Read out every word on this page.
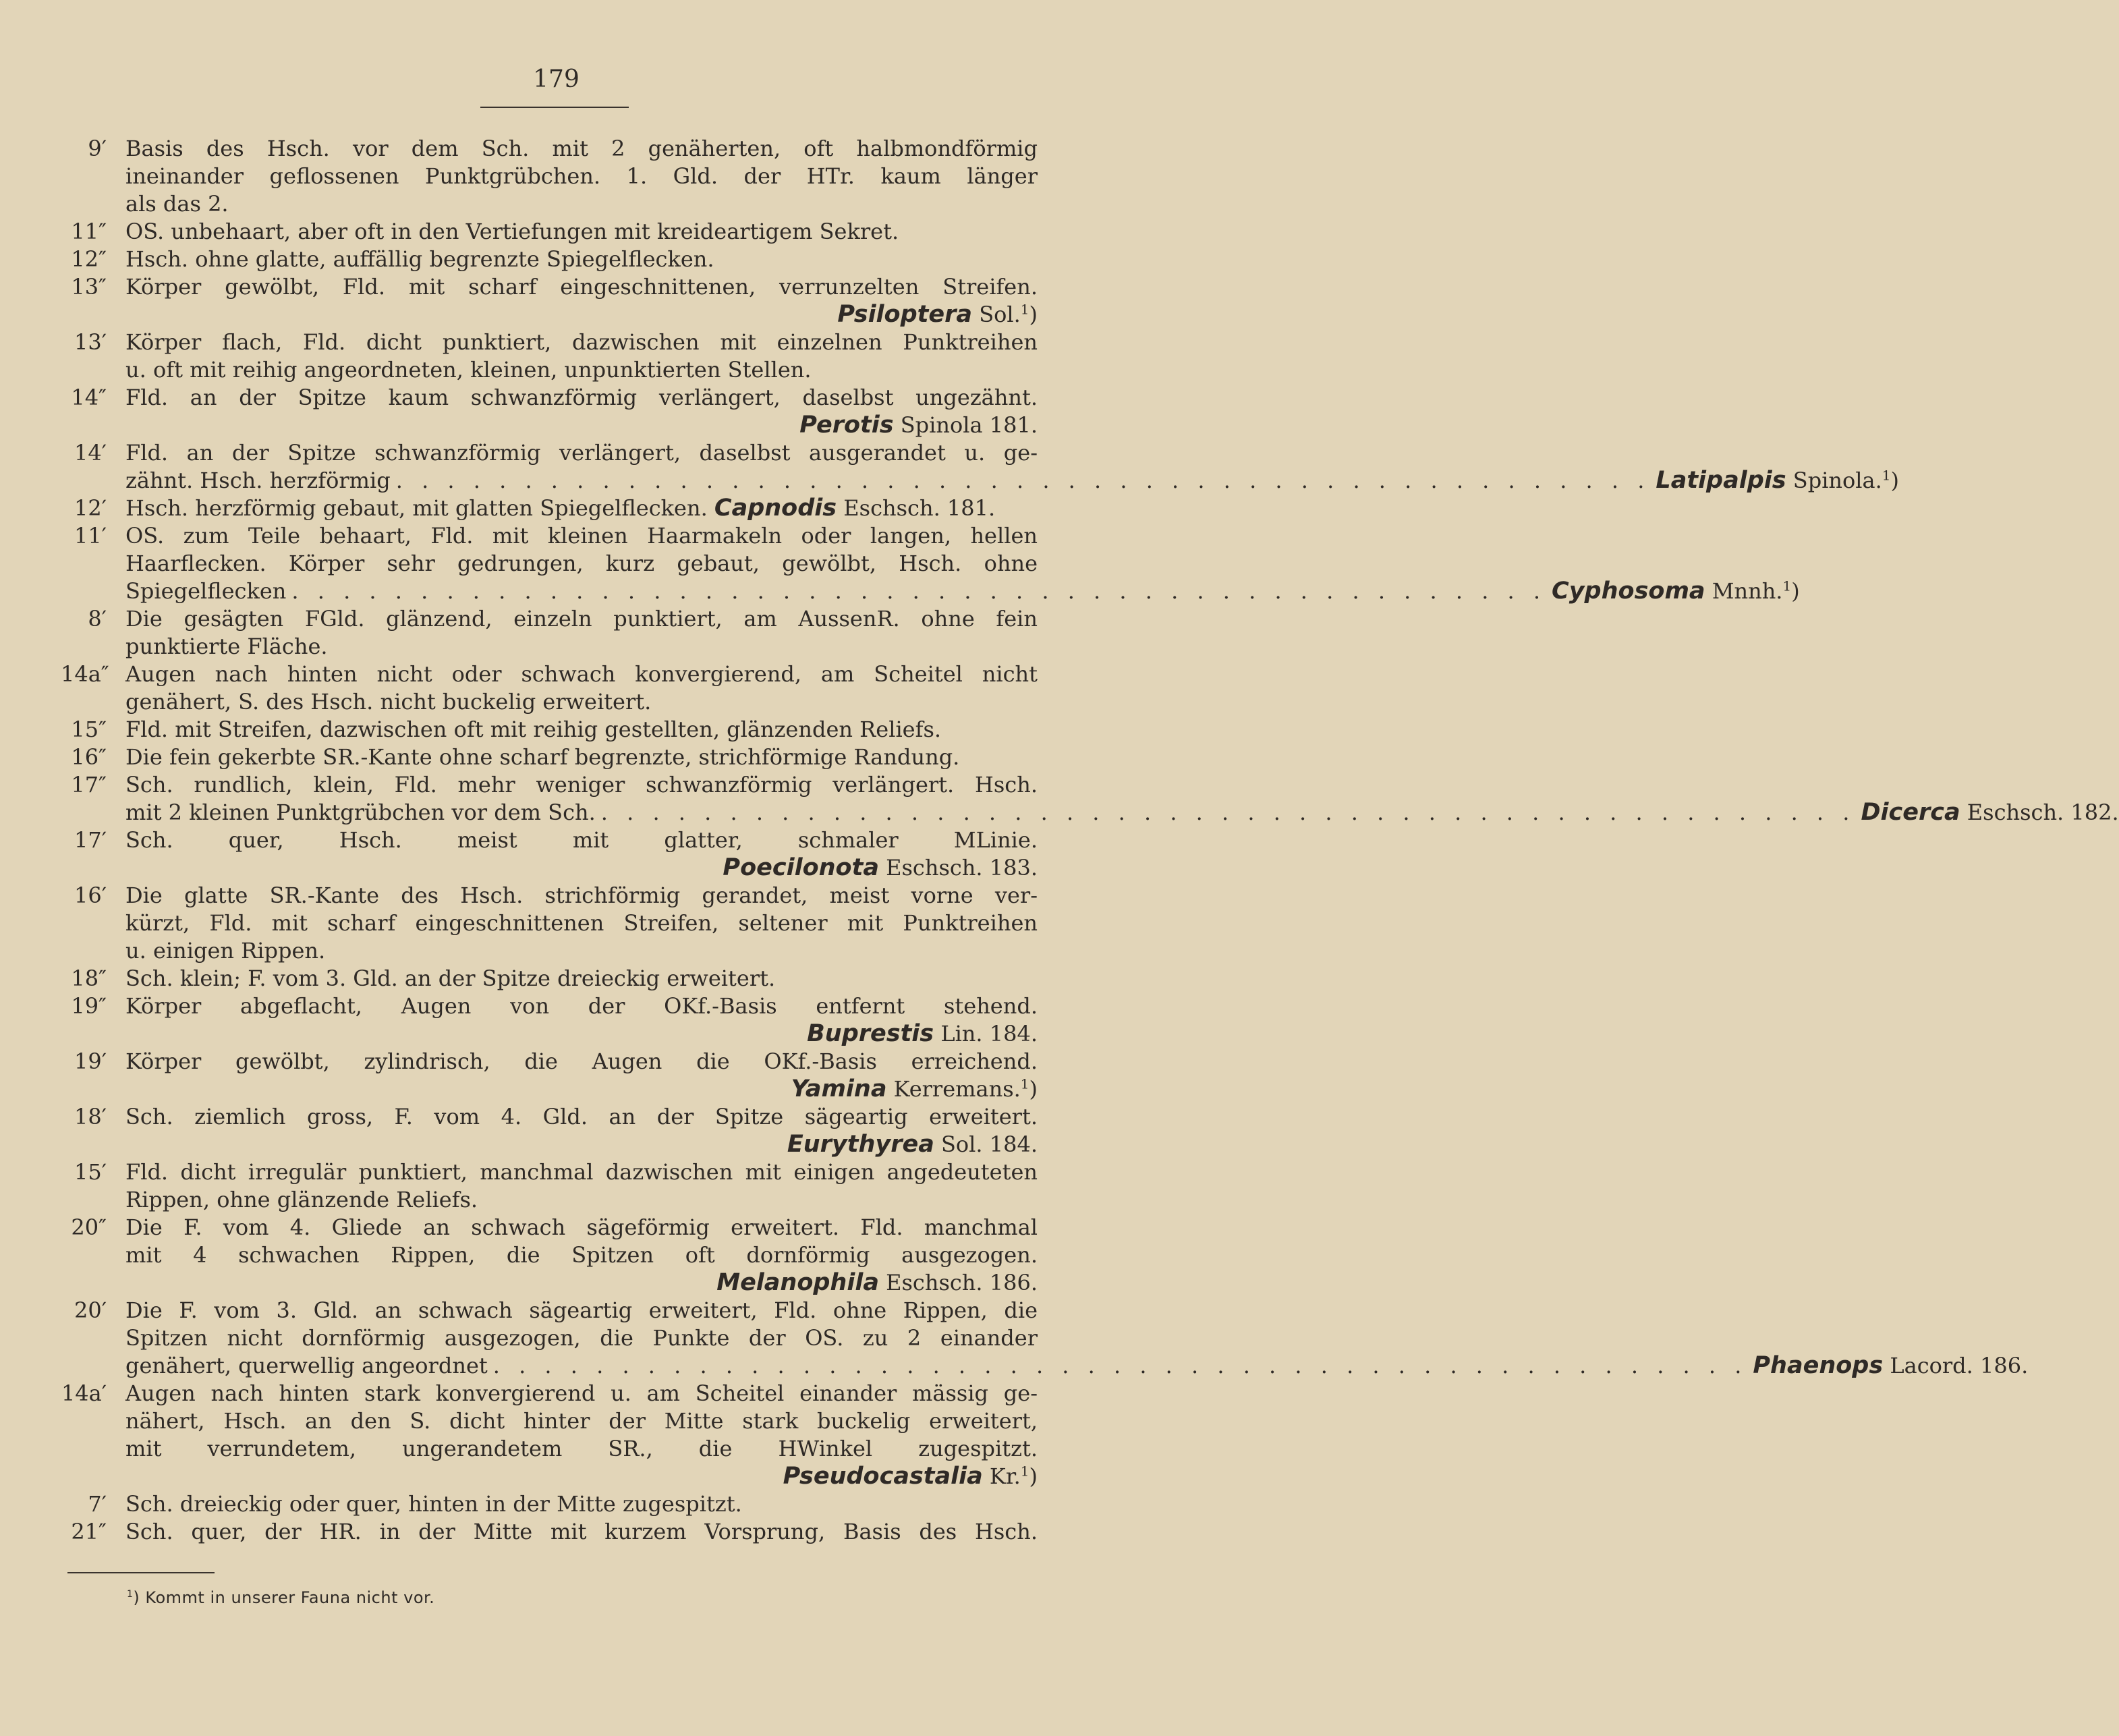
179
9′ Basis des Hsch. vor dem Sch. mit 2 genäherten, oft halbmondförmig
ineinander geflossenen Punktgrübchen. 1. Gld. der HTr. kaum länger
als das 2.
11″ OS. unbehaart, aber oft in den Vertiefungen mit kreideartigem Sekret.
12″ Hsch. ohne glatte, auffällig begrenzte Spiegelflecken.
13″ Körper gewölbt, Fld. mit scharf eingeschnittenen, verrunzelten Streifen.
Psiloptera Sol.$^1$)
13′ Körper flach, Fld. dicht punktiert, dazwischen mit einzelnen Punktreihen
u. oft mit reihig angeordneten, kleinen, unpunktierten Stellen.
14″ Fld. an der Spitze kaum schwanzförmig verlängert, daselbst ungezähnt.
Perotis Spinola 181.
14′ Fld. an der Spitze schwanzförmig verlängert, daselbst ausgerandet u. ge-
zähnt. Hsch. herzförmig . . . . . . . . . . . . . . . . . . . . . . . . . . . . . . . . . . . . . . . . . . . . . . . . . Latipalpis Spinola.$^1$)
12′ Hsch. herzförmig gebaut, mit glatten Spiegelflecken. Capnodis Eschsch. 181.
11′ OS. zum Teile behaart, Fld. mit kleinen Haarmakeln oder langen, hellen
Haarflecken. Körper sehr gedrungen, kurz gebaut, gewölbt, Hsch. ohne
Spiegelflecken . . . . . . . . . . . . . . . . . . . . . . . . . . . . . . . . . . . . . . . . . . . . . . . . . Cyphosoma Mnnh.$^1$)
8′ Die gesägten FGld. glänzend, einzeln punktiert, am AussenR. ohne fein
punktierte Fläche.
14a″ Augen nach hinten nicht oder schwach konvergierend, am Scheitel nicht
genähert, S. des Hsch. nicht buckelig erweitert.
15″ Fld. mit Streifen, dazwischen oft mit reihig gestellten, glänzenden Reliefs.
16″ Die fein gekerbte SR.-Kante ohne scharf begrenzte, strichförmige Randung.
17″ Sch. rundlich, klein, Fld. mehr weniger schwanzförmig verlängert. Hsch.
mit 2 kleinen Punktgrübchen vor dem Sch. . . . . . . . . . . . . . . . . . . . . . . . . . . . . . . . . . . . . . . . . . . . . . . . . . Dicerca Eschsch. 182.
17′ Sch. quer, Hsch. meist mit glatter, schmaler MLinie.
Poecilonota Eschsch. 183.
16′ Die glatte SR.-Kante des Hsch. strichförmig gerandet, meist vorne ver-
kürzt, Fld. mit scharf eingeschnittenen Streifen, seltener mit Punktreihen
u. einigen Rippen.
18″ Sch. klein; F. vom 3. Gld. an der Spitze dreieckig erweitert.
19″ Körper abgeflacht, Augen von der OKf.-Basis entfernt stehend.
Buprestis Lin. 184.
19′ Körper gewölbt, zylindrisch, die Augen die OKf.-Basis erreichend.
Yamina Kerremans.$^1$)
18′ Sch. ziemlich gross, F. vom 4. Gld. an der Spitze sägeartig erweitert.
Eurythyrea Sol. 184.
15′ Fld. dicht irregulär punktiert, manchmal dazwischen mit einigen angedeuteten
Rippen, ohne glänzende Reliefs.
20″ Die F. vom 4. Gliede an schwach sägeförmig erweitert. Fld. manchmal
mit 4 schwachen Rippen, die Spitzen oft dornförmig ausgezogen.
Melanophila Eschsch. 186.
20′ Die F. vom 3. Gld. an schwach sägeartig erweitert, Fld. ohne Rippen, die
Spitzen nicht dornförmig ausgezogen, die Punkte der OS. zu 2 einander
genähert, querwellig angeordnet . . . . . . . . . . . . . . . . . . . . . . . . . . . . . . . . . . . . . . . . . . . . . . . . . Phaenops Lacord. 186.
14a′ Augen nach hinten stark konvergierend u. am Scheitel einander mässig ge-
nähert, Hsch. an den S. dicht hinter der Mitte stark buckelig erweitert,
mit verrundetem, ungerandetem SR., die HWinkel zugespitzt.
Pseudocastalia Kr.$^1$)
7′ Sch. dreieckig oder quer, hinten in der Mitte zugespitzt.
21″ Sch. quer, der HR. in der Mitte mit kurzem Vorsprung, Basis des Hsch.
$^1$) Kommt in unserer Fauna nicht vor.
